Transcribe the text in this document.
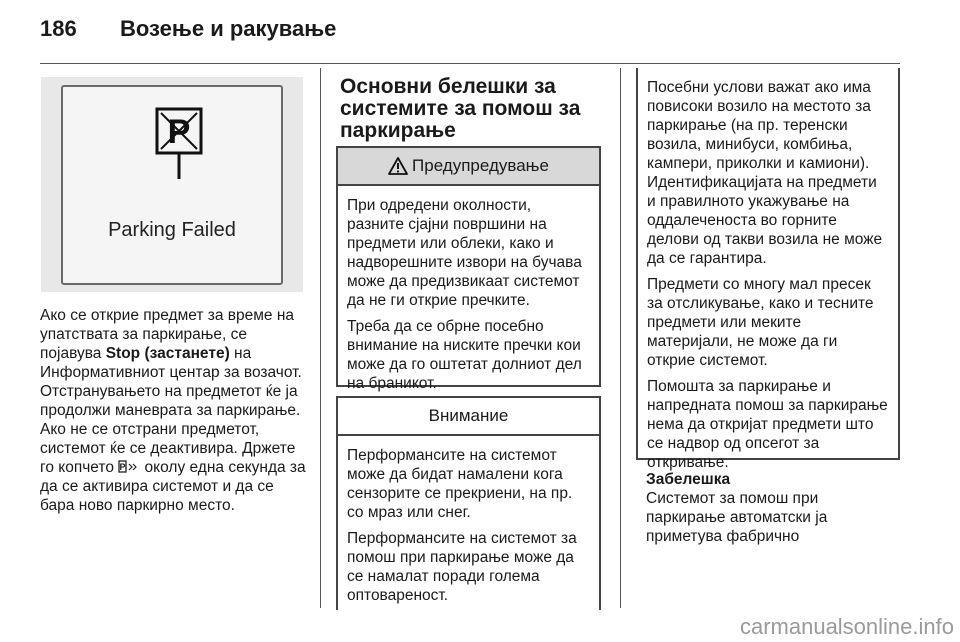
186	Возење и ракување
P
Parking Failed

Ако се открие предмет за време на упатствата за паркирање, се појавува Stop (застанете) на Информативниот центар за возачот. Отстранувањето на предметот ќе ја продолжи маневрата за паркирање. Ако не се отстрани предметот, системот ќе се деактивира. Држете го копчето P околу една секунда за да се активира системот и да се бара ново паркирно место.

Основни белешки за системите за помош за паркирање
Предупредување

При одредени околности, разните сјајни површини на предмети или облеки, како и надворешните извори на бучава може да предизвикаат системот да не ги открие пречките.

Треба да се обрне посебно внимание на ниските пречки кои може да го оштетат долниот дел на браникот.

Внимание

Перформансите на системот може да бидат намалени кога сензорите се прекриени, на пр. со мраз или снег.

Перформансите на системот за помош при паркирање може да се намалат поради голема оптовареност.

Посебни услови важат ако има повисоки возило на местото за паркирање (на пр. теренски возила, минибуси, комбиња, кампери, приколки и камиони). Идентификацијата на предмети и правилното укажување на оддалеченоста во горните делови од такви возила не може да се гарантира.

Предмети со многу мал пресек за отсликување, како и тесните предмети или меките материјали, не може да ги открие системот.

Помошта за паркирање и напредната помош за паркирање нема да откријат предмети што се надвор од опсегот за откривање.

Забелешка
Системот за помош при паркирање автоматски ја приметува фабрично
carmanualsonline.info
